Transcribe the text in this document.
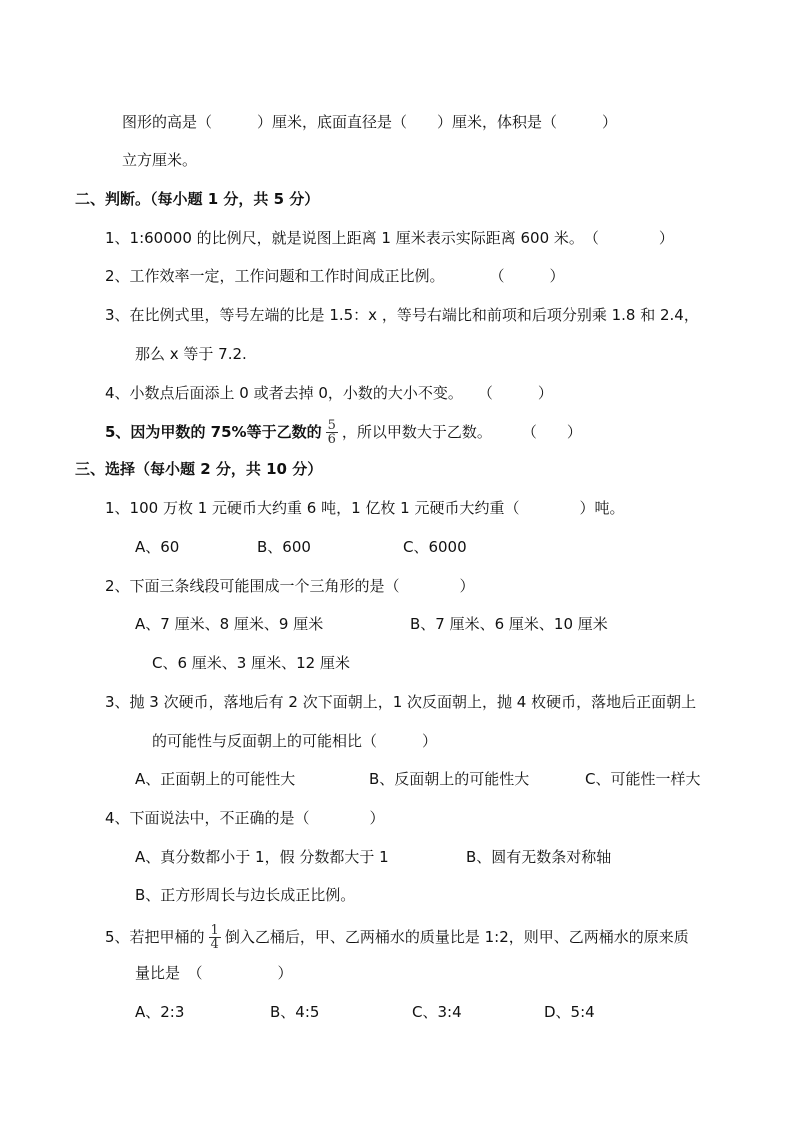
图形的高是（　　　）厘米，底面直径是（　　）厘米，体积是（　　　）
立方厘米。
二、判断。（每小题 1 分，共 5 分）
1、1:60000 的比例尺，就是说图上距离 1 厘米表示实际距离 600 米。　（　　　　）
2、工作效率一定，工作问题和工作时间成正比例。　　　　（　　　）
3、在比例式里，等号左端的比是 1.5：x ，等号右端比和前项和后项分别乘 1.8 和 2.4，
那么 x 等于 7.2.
4、小数点后面添上 0 或者去掉 0，小数的大小不变。　　（　　　）
5、因为甲数的 75%等于乙数的 $\frac{5}{6}$ ，所以甲数大于乙数。　　　（　　）
三、选择（每小题 2 分，共 10 分）
1、100 万枚 1 元硬币大约重 6 吨，1 亿枚 1 元硬币大约重（　　　　）吨。
A、60	B、600	C、6000
2、下面三条线段可能围成一个三角形的是（　　　　）
A、7 厘米、8 厘米、9 厘米	B、7 厘米、6 厘米、10 厘米
C、6 厘米、3 厘米、12 厘米
3、抛 3 次硬币，落地后有 2 次下面朝上，1 次反面朝上，抛 4 枚硬币，落地后正面朝上
的可能性与反面朝上的可能相比（　　　）
A、正面朝上的可能性大	B、反面朝上的可能性大	C、可能性一样大
4、下面说法中，不正确的是（　　　　）
A、真分数都小于 1，假 分数都大于 1	B、圆有无数条对称轴
B、正方形周长与边长成正比例。
5、若把甲桶的 $\frac{1}{4}$ 倒入乙桶后，甲、乙两桶水的质量比是 1:2，则甲、乙两桶水的原来质
量比是　（　　　　　）
A、2:3	B、4:5	C、3:4	D、5:4
